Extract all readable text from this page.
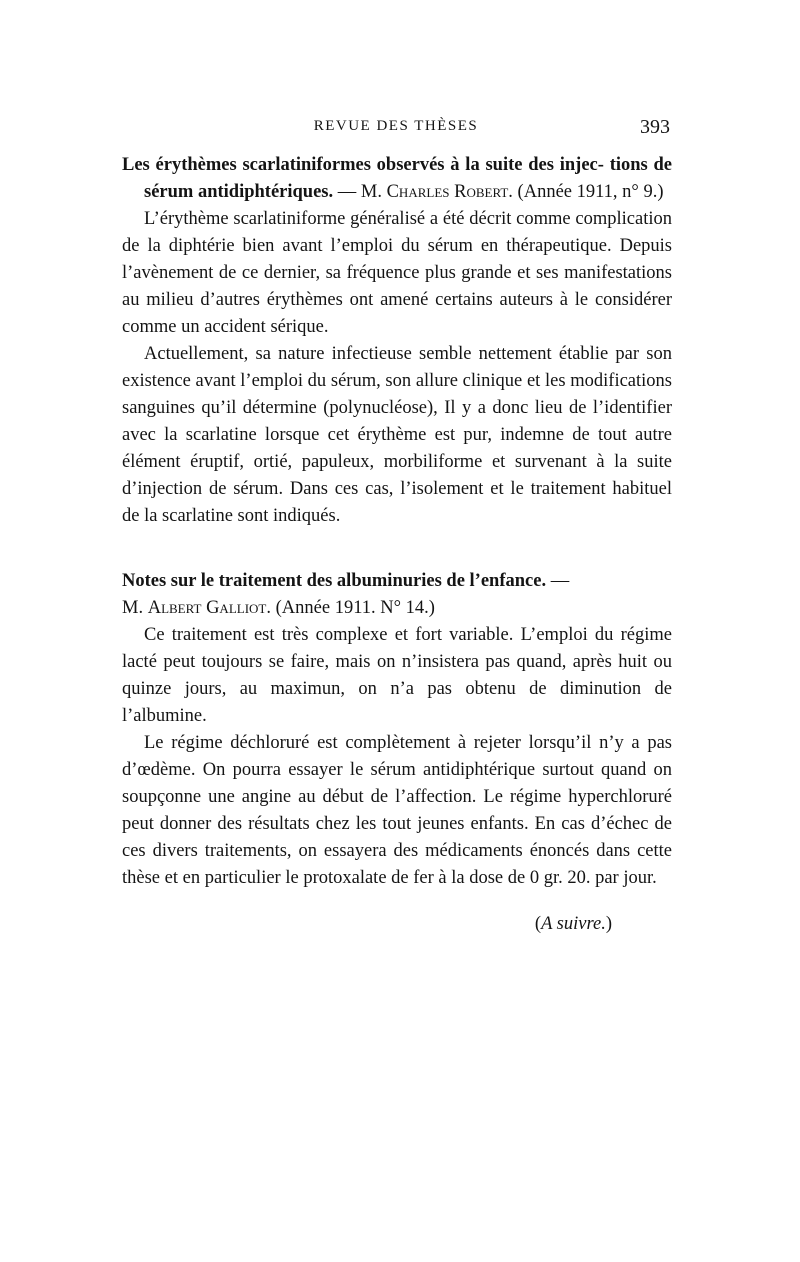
REVUE DES THÈSES	393
Les érythèmes scarlatiniformes observés à la suite des injec- tions de sérum antidiphtériques. — M. Charles Robert. (Année 1911, n° 9.)

L’érythème scarlatiniforme généralisé a été décrit comme complication de la diphtérie bien avant l’emploi du sérum en thérapeutique. Depuis l’avènement de ce dernier, sa fréquence plus grande et ses manifestations au milieu d’autres érythèmes ont amené certains auteurs à le considérer comme un accident sérique.

Actuellement, sa nature infectieuse semble nettement établie par son existence avant l’emploi du sérum, son allure clinique et les modifications sanguines qu’il détermine (polynucléose), Il y a donc lieu de l’identifier avec la scarlatine lorsque cet érythème est pur, indemne de tout autre élément éruptif, ortié, papuleux, morbiliforme et survenant à la suite d’injection de sérum. Dans ces cas, l’isolement et le traitement habituel de la scarlatine sont indiqués.

Notes sur le traitement des albuminuries de l’enfance. —
M. Albert Galliot. (Année 1911. N° 14.)

Ce traitement est très complexe et fort variable. L’emploi du régime lacté peut toujours se faire, mais on n’insistera pas quand, après huit ou quinze jours, au maximun, on n’a pas obtenu de diminution de l’albumine.

Le régime déchloruré est complètement à rejeter lorsqu’il n’y a pas d’œdème. On pourra essayer le sérum antidiphtérique surtout quand on soupçonne une angine au début de l’affection. Le régime hyperchloruré peut donner des résultats chez les tout jeunes enfants. En cas d’échec de ces divers traitements, on essayera des médicaments énoncés dans cette thèse et en particulier le protoxalate de fer à la dose de 0 gr. 20. par jour.

(A suivre.)
